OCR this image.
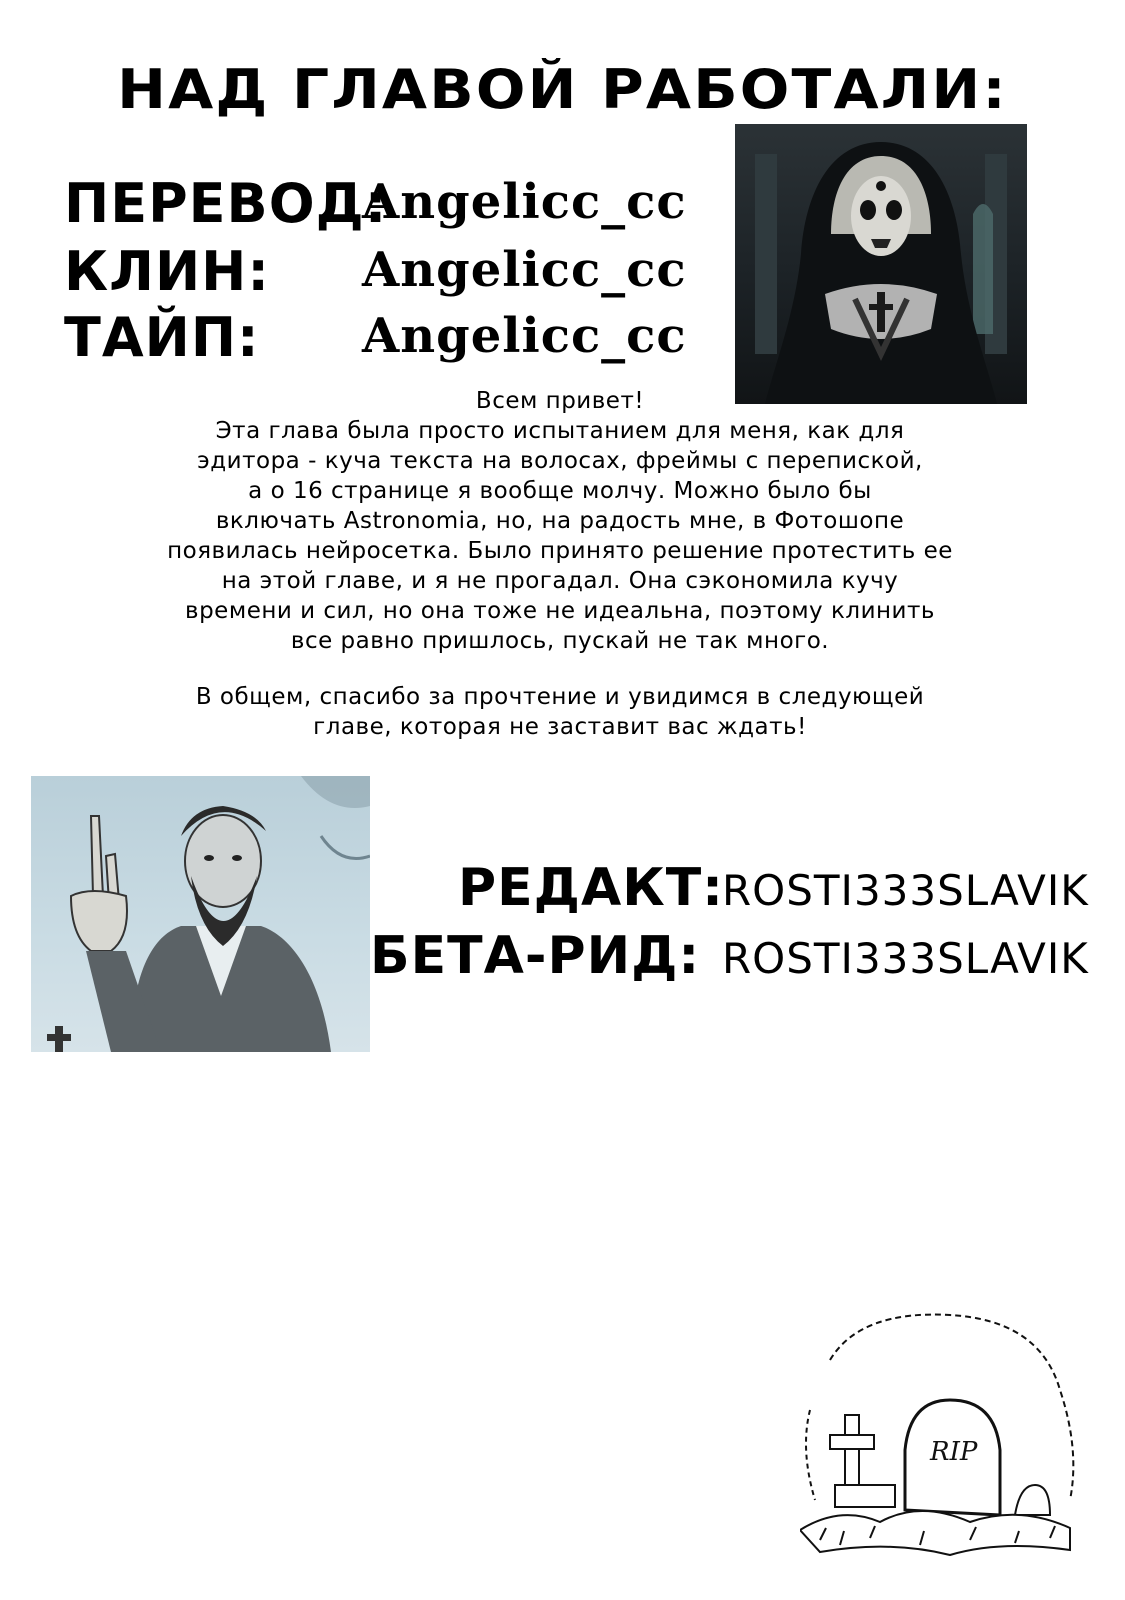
НАД ГЛАВОЙ РАБОТАЛИ:
ПЕРЕВОД:
Angelicc_cc
КЛИН: Angelicc_cc
ТАЙП: Angelicc_cc

Всем привет!

Эта глава была просто испытанием для меня, как для

эдитора - куча текста на волосах, фреймы с перепиской,

а о 16 странице я вообще молчу. Можно было бы

включать Astronomia, но, на радость мне, в Фотошопе

появилась нейросетка. Было принято решение протестить ее

на этой главе, и я не прогадал. Она сэкономила кучу

времени и сил, но она тоже не идеальна, поэтому клинить

все равно пришлось, пускай не так много.

В общем, спасибо за прочтение и увидимся в следующей

главе, которая не заставит вас ждать!

РЕДАКТ:
ROSTI333SLAVIK
БЕТА-РИД: ROSTI333SLAVIK
RIP
